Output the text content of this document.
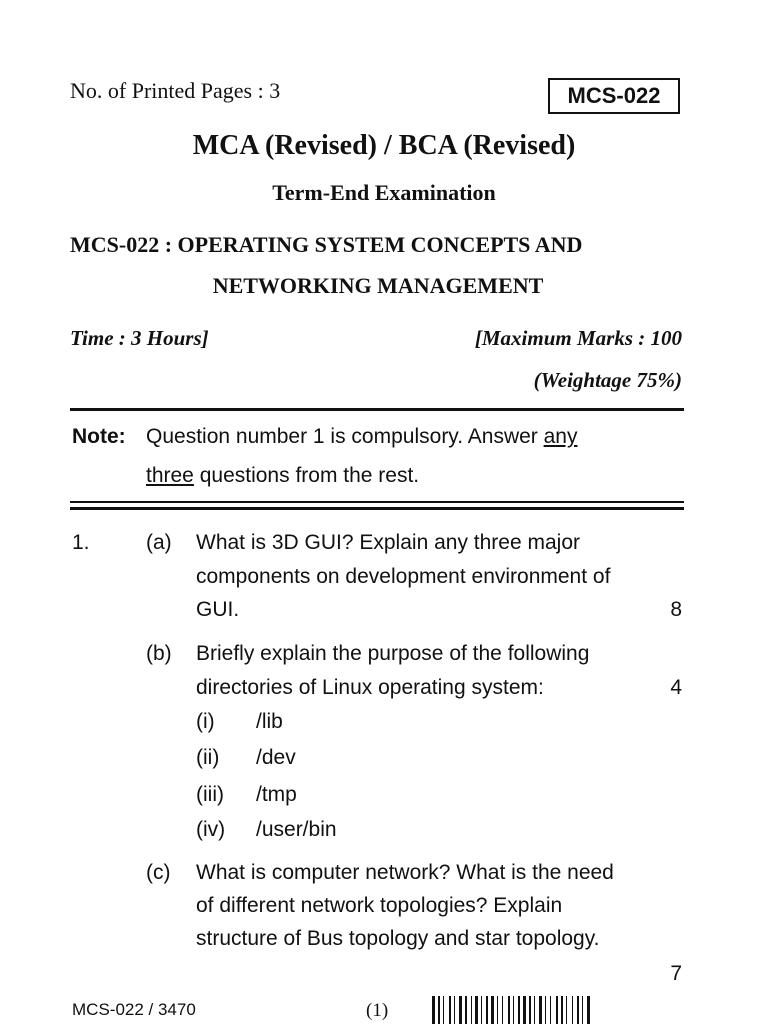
No. of Printed Pages : 3	MCS-022
MCA (Revised) / BCA (Revised)
Term-End Examination
MCS-022 : OPERATING SYSTEM CONCEPTS AND
NETWORKING MANAGEMENT
Time : 3 Hours]	[Maximum Marks : 100
(Weightage 75%)
Note: Question number 1 is compulsory. Answer any
three questions from the rest.
1.	(a) What is 3D GUI? Explain any three major
components on development environment of
GUI.	8
(b) Briefly explain the purpose of the following
directories of Linux operating system:	4
(i) /lib
(ii) /dev
(iii) /tmp
(iv) /user/bin
(c) What is computer network? What is the need
of different network topologies? Explain
structure of Bus topology and star topology.
7
MCS-022 / 3470	(1)
